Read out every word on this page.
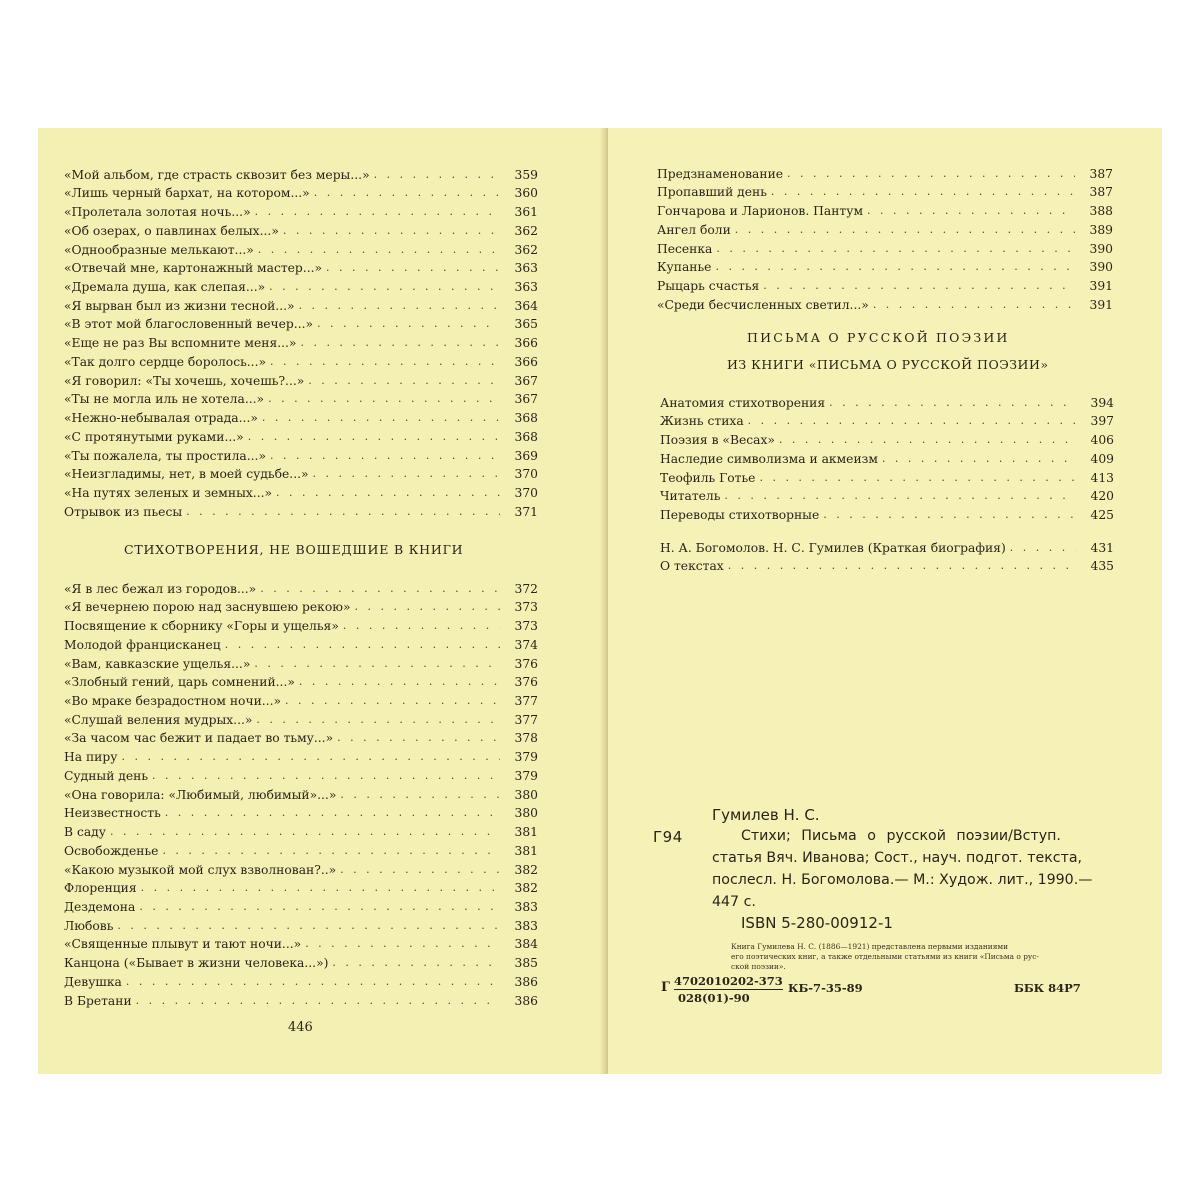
«Мой альбом, где страсть сквозит без меры...» . . .	359
«Лишь черный бархат, на котором...» . . .	360
«Пролетала золотая ночь...» . . .	361
«Об озерах, о павлинах белых...» . . .	362
«Однообразные мелькают...» . . .	362
«Отвечай мне, картонажный мастер...» . . .	363
«Дремала душа, как слепая...» . . .	363
«Я вырван был из жизни тесной...» . . .	364
«В этот мой благословенный вечер...» . . .	365
«Еще не раз Вы вспомните меня...» . . .	366
«Так долго сердце боролось...» . . .	366
«Я говорил: «Ты хочешь, хочешь?...» . . .	367
«Ты не могла иль не хотела...» . . .	367
«Нежно-небывалая отрада...» . . .	368
«С протянутыми руками...» . . .	368
«Ты пожалела, ты простила...» . . .	369
«Неизгладимы, нет, в моей судьбе...» . . .	370
«На путях зеленых и земных...» . . .	370
Отрывок из пьесы . . .	371
СТИХОТВОРЕНИЯ, НЕ ВОШЕДШИЕ В КНИГИ
«Я в лес бежал из городов...» . . .	372
«Я вечернею порою над заснувшею рекою» . . .	373
Посвящение к сборнику «Горы и ущелья» . . .	373
Молодой францисканец . . .	374
«Вам, кавказские ущелья...» . . .	376
«Злобный гений, царь сомнений...» . . .	376
«Во мраке безрадостном ночи...» . . .	377
«Слушай веления мудрых...» . . .	377
«За часом час бежит и падает во тьму...» . . .	378
На пиру . . .	379
Судный день . . .	379
«Она говорила: «Любимый, любимый»...» . . .	380
Неизвестность . . .	380
В саду . . .	381
Освобожденье . . .	381
«Какою музыкой мой слух взволнован?..» . . .	382
Флоренция . . .	382
Дездемона . . .	383
Любовь . . .	383
«Священные плывут и тают ночи...» . . .	384
Канцона («Бывает в жизни человека...») . . .	385
Девушка . . .	386
В Бретани . . .	386
446
Предзнаменование . . .	387
Пропавший день . . .	387
Гончарова и Ларионов. Пантум . . .	388
Ангел боли . . .	389
Песенка . . .	390
Купанье . . .	390
Рыцарь счастья . . .	391
«Среди бесчисленных светил...» . . .	391
ПИСЬМА О РУССКОЙ ПОЭЗИИ
ИЗ КНИГИ «ПИСЬМА О РУССКОЙ ПОЭЗИИ»
Анатомия стихотворения . . .	394
Жизнь стиха . . .	397
Поэзия в «Весах» . . .	406
Наследие символизма и акмеизм . . .	409
Теофиль Готье . . .	413
Читатель . . .	420
Переводы стихотворные . . .	425
Н. А. Богомолов. Н. С. Гумилев (Краткая биография) . . .	431
О текстах . . .	435
Гумилев Н. С.
Г94	Стихи; Письма о русской поэзии/Вступ.
статья Вяч. Иванова; Сост., науч. подгот. текста,
послесл. Н. Богомолова.— М.: Худож. лит., 1990.—
447 с.
ISBN 5-280-00912-1
Книга Гумилева Н. С. (1886—1921) представлена первыми изданиями
его поэтических книг, а также отдельными статьями из книги «Письма о рус-
ской поэзии».
Г 4702010202-373
028(01)-90
КБ-7-35-89	ББК 84Р7
